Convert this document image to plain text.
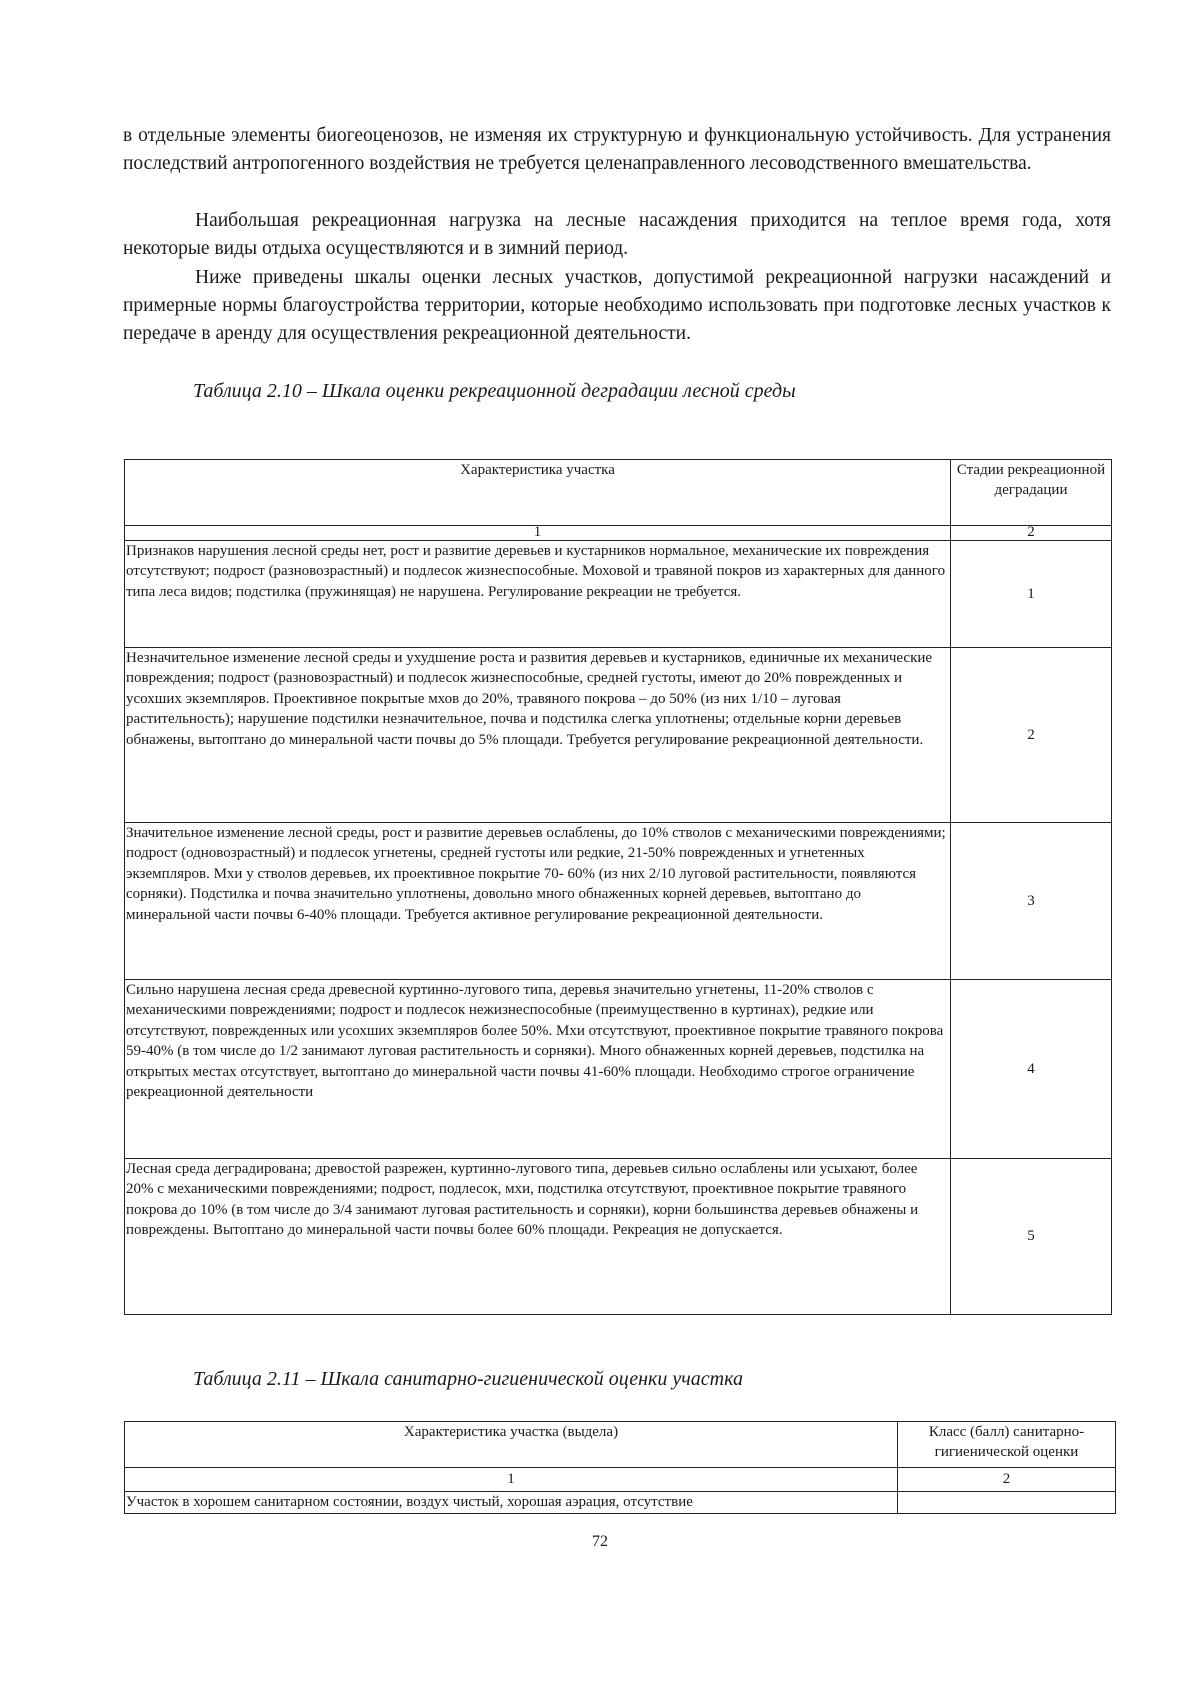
в отдельные элементы биогеоценозов, не изменяя их структурную и функциональную устойчивость. Для устранения последствий антропогенного воздействия не требуется целенаправленного лесоводственного вмешательства.

Наибольшая рекреационная нагрузка на лесные насаждения приходится на теплое время года, хотя некоторые виды отдыха осуществляются и в зимний период.

Ниже приведены шкалы оценки лесных участков, допустимой рекреационной нагрузки насаждений и примерные нормы благоустройства территории, которые необходимо использовать при подготовке лесных участков к передаче в аренду для осуществления рекреационной деятельности.

Таблица 2.10 – Шкала оценки рекреационной деградации лесной среды

Характеристика участка	Стадии рекреационной деградации
1	2
Признаков нарушения лесной среды нет, рост и развитие деревьев и кустарников нормальное, механические их повреждения отсутствуют; подрост (разновозрастный) и подлесок жизнеспособные. Моховой и травяной покров из характерных для данного типа леса видов; подстилка (пружинящая) не нарушена. Регулирование рекреации не требуется.	1
Незначительное изменение лесной среды и ухудшение роста и развития деревьев и кустарников, единичные их механические повреждения; подрост (разновозрастный) и подлесок жизнеспособные, средней густоты, имеют до 20% поврежденных и усохших экземпляров. Проективное покрытые мхов до 20%, травяного покрова – до 50% (из них 1/10 – луговая растительность); нарушение подстилки незначительное, почва и подстилка слегка уплотнены; отдельные корни деревьев обнажены, вытоптано до минеральной части почвы до 5% площади. Требуется регулирование рекреационной деятельности.	2
Значительное изменение лесной среды, рост и развитие деревьев ослаблены, до 10% стволов с механическими повреждениями; подрост (одновозрастный) и подлесок угнетены, средней густоты или редкие, 21-50% поврежденных и угнетенных экземпляров. Мхи у стволов деревьев, их проективное покрытие 70- 60% (из них 2/10 луговой растительности, появляются сорняки). Подстилка и почва значительно уплотнены, довольно много обнаженных корней деревьев, вытоптано до минеральной части почвы 6-40% площади. Требуется активное регулирование рекреационной деятельности.	3
Сильно нарушена лесная среда древесной куртинно-лугового типа, деревья значительно угнетены, 11-20% стволов с механическими повреждениями; подрост и подлесок нежизнеспособные (преимущественно в куртинах), редкие или отсутствуют, поврежденных или усохших экземпляров более 50%. Мхи отсутствуют, проективное покрытие травяного покрова 59-40% (в том числе до 1/2 занимают луговая растительность и сорняки). Много обнаженных корней деревьев, подстилка на открытых местах отсутствует, вытоптано до минеральной части почвы 41-60% площади. Необходимо строгое ограничение рекреационной деятельности	4
Лесная среда деградирована; древостой разрежен, куртинно-лугового типа, деревьев сильно ослаблены или усыхают, более 20% с механическими повреждениями; подрост, подлесок, мхи, подстилка отсутствуют, проективное покрытие травяного покрова до 10% (в том числе до 3/4 занимают луговая растительность и сорняки), корни большинства деревьев обнажены и повреждены. Вытоптано до минеральной части почвы более 60% площади. Рекреация не допускается.	5

Таблица 2.11 – Шкала санитарно-гигиенической оценки участка

Характеристика участка (выдела)	Класс (балл) санитарно-гигиенической оценки
1	2
Участок в хорошем санитарном состоянии, воздух чистый, хорошая аэрация, отсутствие	
72
